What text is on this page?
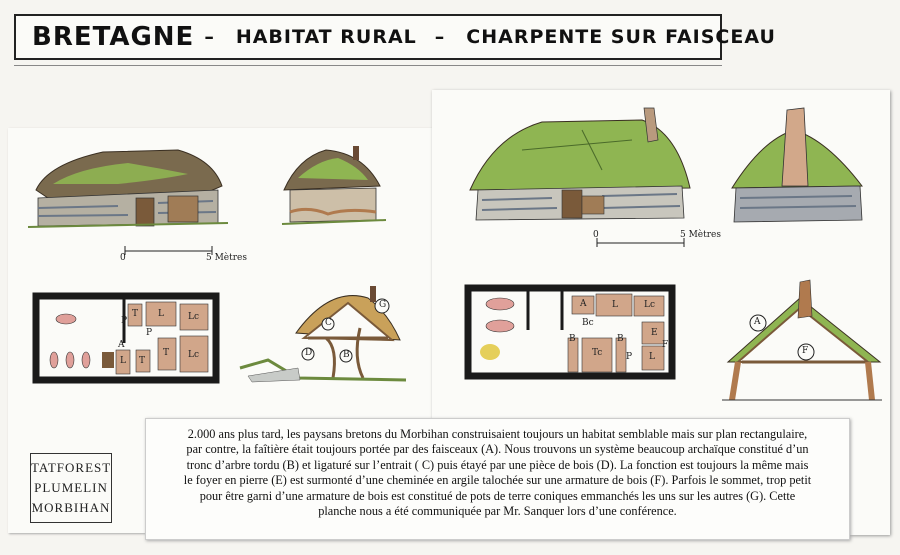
BRETAGNE – HABITAT RURAL – CHARPENTE SUR FAISCEAU
0	5 Mètres
P
T L	Lc
Lc
A
T
T
L
P
G
C
D	B
0	5 Mètres
L	Lc
A
Bc
B
Tc
B
L
P
E
F
A
F
2.000 ans plus tard, les paysans bretons du Morbihan construisaient toujours un habitat semblable mais sur plan rectangulaire, par contre, la faîtière était toujours portée par des faisceaux (A). Nous trouvons un système beaucoup archaïque constitué d’un tronc d’arbre tordu (B) et ligaturé sur l’entrait ( C) puis étayé par une pièce de bois (D). La fonction est toujours la même mais le foyer en pierre (E) est surmonté d’une cheminée en argile talochée sur une armature de bois (F). Parfois le sommet, trop petit pour être garni d’une armature de bois est constitué de pots de terre coniques emmanchés les uns sur les autres (G). Cette planche nous a été communiquée par Mr. Sanquer lors d’une conférence.
TATFOREST
PLUMELIN
MORBIHAN
